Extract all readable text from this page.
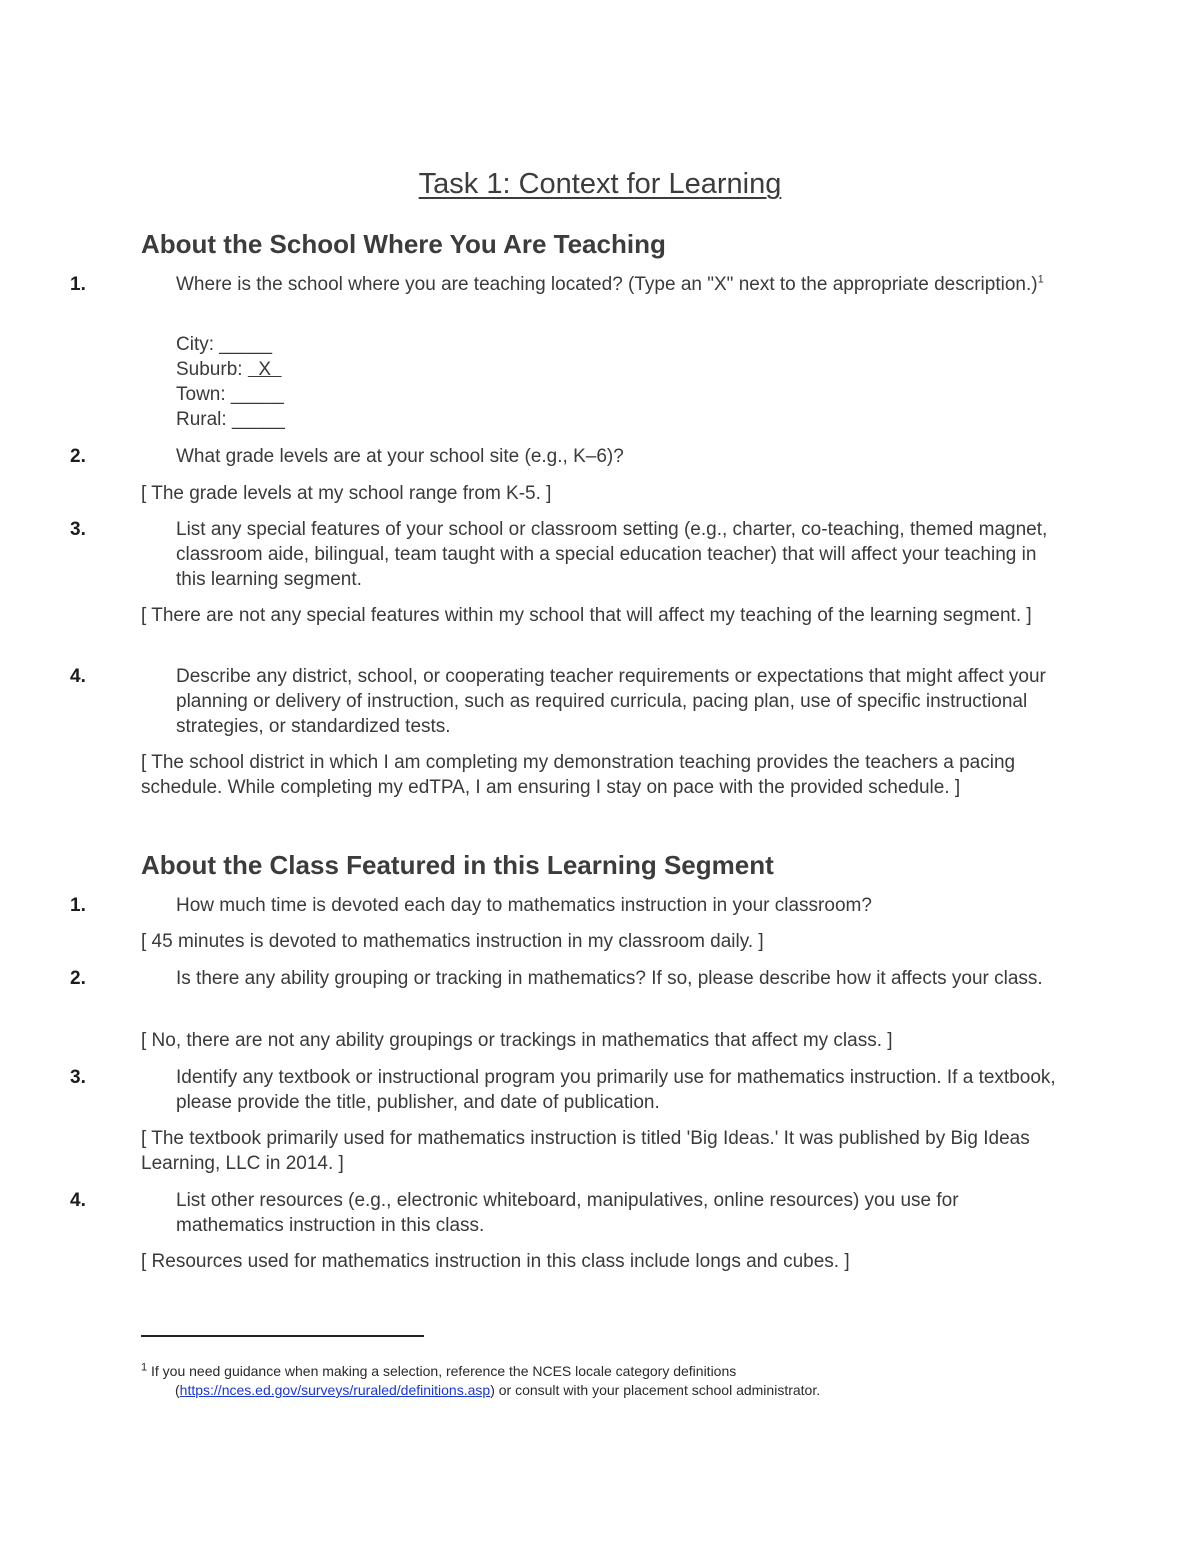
Task 1: Context for Learning
About the School Where You Are Teaching
1.	Where is the school where you are teaching located? (Type an "X" next to the appropriate description.)$^1$
City: _____
Suburb:   X
Town: _____
Rural: _____
2.	What grade levels are at your school site (e.g., K–6)?
[ The grade levels at my school range from K-5. ]
3.	List any special features of your school or classroom setting (e.g., charter, co-teaching, themed magnet, classroom aide, bilingual, team taught with a special education teacher) that will affect your teaching in this learning segment.
[ There are not any special features within my school that will affect my teaching of the learning segment. ]
4.	Describe any district, school, or cooperating teacher requirements or expectations that might affect your planning or delivery of instruction, such as required curricula, pacing plan, use of specific instructional strategies, or standardized tests.
[ The school district in which I am completing my demonstration teaching provides the teachers a pacing schedule. While completing my edTPA, I am ensuring I stay on pace with the provided schedule. ]
About the Class Featured in this Learning Segment
1.	How much time is devoted each day to mathematics instruction in your classroom?
[ 45 minutes is devoted to mathematics instruction in my classroom daily. ]
2.	Is there any ability grouping or tracking in mathematics? If so, please describe how it affects your class.
[ No, there are not any ability groupings or trackings in mathematics that affect my class. ]
3.	Identify any textbook or instructional program you primarily use for mathematics instruction. If a textbook, please provide the title, publisher, and date of publication.
[ The textbook primarily used for mathematics instruction is titled 'Big Ideas.' It was published by Big Ideas Learning, LLC in 2014. ]
4.	List other resources (e.g., electronic whiteboard, manipulatives, online resources) you use for mathematics instruction in this class.
[ Resources used for mathematics instruction in this class include longs and cubes. ]
$^1$ If you need guidance when making a selection, reference the NCES locale category definitions
(https://nces.ed.gov/surveys/ruraled/definitions.asp) or consult with your placement school administrator.
